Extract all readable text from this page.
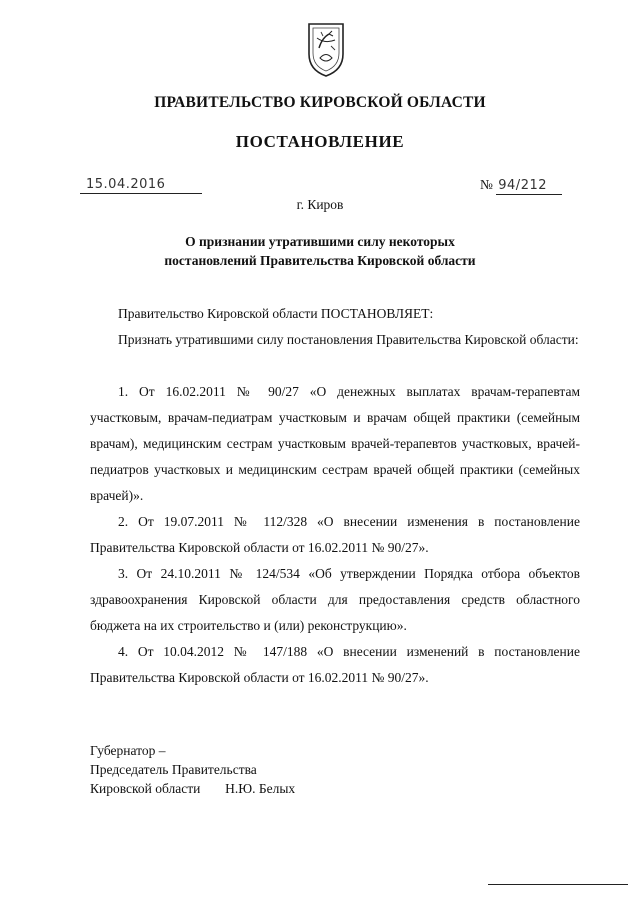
ПРАВИТЕЛЬСТВО КИРОВСКОЙ ОБЛАСТИ
ПОСТАНОВЛЕНИЕ
15.04.2016	№ 94/212
г. Киров
О признании утратившими силу некоторых
постановлений Правительства Кировской области

Правительство Кировской области ПОСТАНОВЛЯЕТ:

Признать утратившими силу постановления Правительства Кировской области:

1. От 16.02.2011 № 90/27 «О денежных выплатах врачам-терапевтам участковым, врачам-педиатрам участковым и врачам общей практики (семейным врачам), медицинским сестрам участковым врачей-терапевтов участковых, врачей-педиатров участковых и медицинским сестрам врачей общей практики (семейных врачей)».

2. От 19.07.2011 № 112/328 «О внесении изменения в постановление Правительства Кировской области от 16.02.2011 № 90/27».

3. От 24.10.2011 № 124/534 «Об утверждении Порядка отбора объектов здравоохранения Кировской области для предоставления средств областного бюджета на их строительство и (или) реконструкцию».

4. От 10.04.2012 № 147/188 «О внесении изменений в постановление Правительства Кировской области от 16.02.2011 № 90/27».

Губернатор –
Председатель Правительства
Кировской области Н.Ю. Белых
